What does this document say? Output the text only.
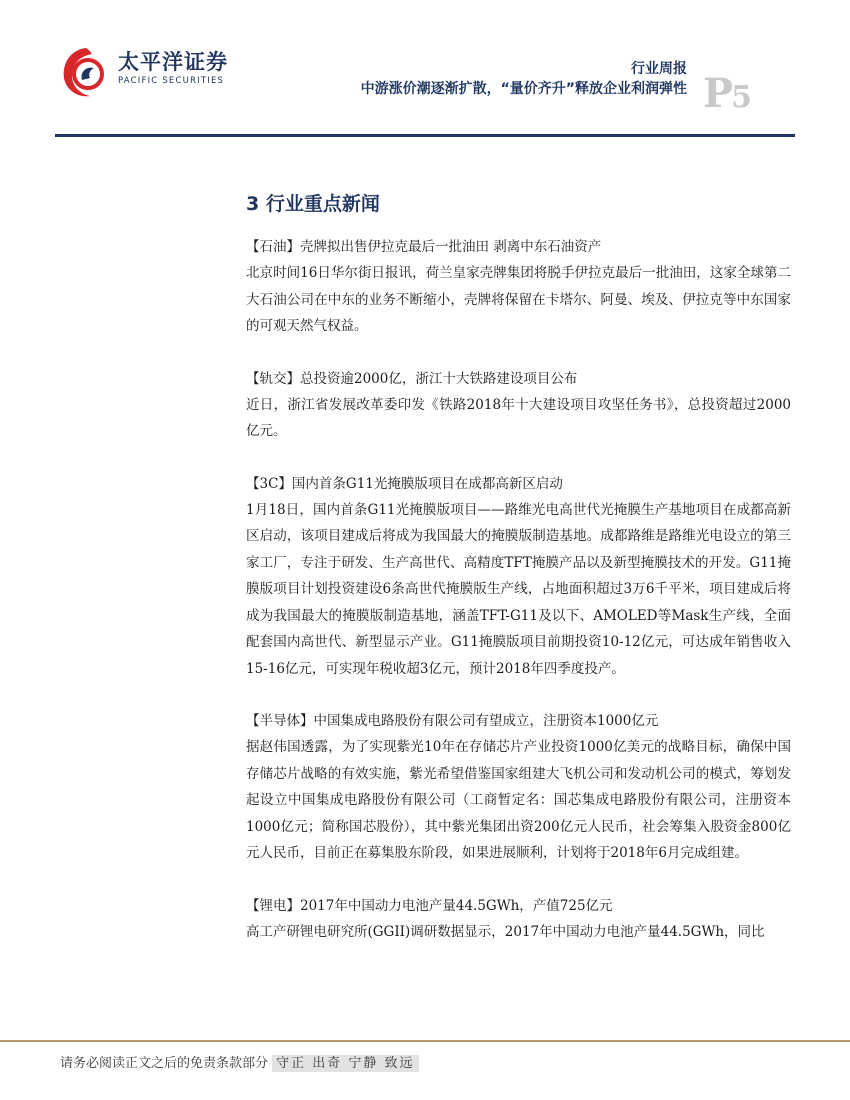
太平洋证券
PACIFIC SECURITIES
行业周报
中游涨价潮逐渐扩散，“量价齐升”释放企业利润弹性 P5
3 行业重点新闻
【石油】壳牌拟出售伊拉克最后一批油田 剥离中东石油资产
北京时间16日华尔街日报讯，荷兰皇家壳牌集团将脱手伊拉克最后一批油田，这家全球第二大石油公司在中东的业务不断缩小，壳牌将保留在卡塔尔、阿曼、埃及、伊拉克等中东国家的可观天然气权益。
【轨交】总投资逾2000亿，浙江十大铁路建设项目公布
近日，浙江省发展改革委印发《铁路2018年十大建设项目攻坚任务书》，总投资超过2000亿元。
【3C】国内首条G11光掩膜版项目在成都高新区启动
1月18日，国内首条G11光掩膜版项目——路维光电高世代光掩膜生产基地项目在成都高新区启动，该项目建成后将成为我国最大的掩膜版制造基地。成都路维是路维光电设立的第三家工厂，专注于研发、生产高世代、高精度TFT掩膜产品以及新型掩膜技术的开发。G11掩膜版项目计划投资建设6条高世代掩膜版生产线，占地面积超过3万6千平米，项目建成后将成为我国最大的掩膜版制造基地，涵盖TFT-G11及以下、AMOLED等Mask生产线，全面配套国内高世代、新型显示产业。G11掩膜版项目前期投资10-12亿元，可达成年销售收入15-16亿元，可实现年税收超3亿元，预计2018年四季度投产。
【半导体】中国集成电路股份有限公司有望成立，注册资本1000亿元
据赵伟国透露，为了实现紫光10年在存储芯片产业投资1000亿美元的战略目标，确保中国存储芯片战略的有效实施，紫光希望借鉴国家组建大飞机公司和发动机公司的模式，筹划发起设立中国集成电路股份有限公司（工商暂定名：国芯集成电路股份有限公司，注册资本1000亿元；简称国芯股份），其中紫光集团出资200亿元人民币，社会筹集入股资金800亿元人民币，目前正在募集股东阶段，如果进展顺利，计划将于2018年6月完成组建。
【锂电】2017年中国动力电池产量44.5GWh，产值725亿元
高工产研锂电研究所(GGII)调研数据显示，2017年中国动力电池产量44.5GWh，同比
请务必阅读正文之后的免责条款部分 守正 出奇 宁静 致远
